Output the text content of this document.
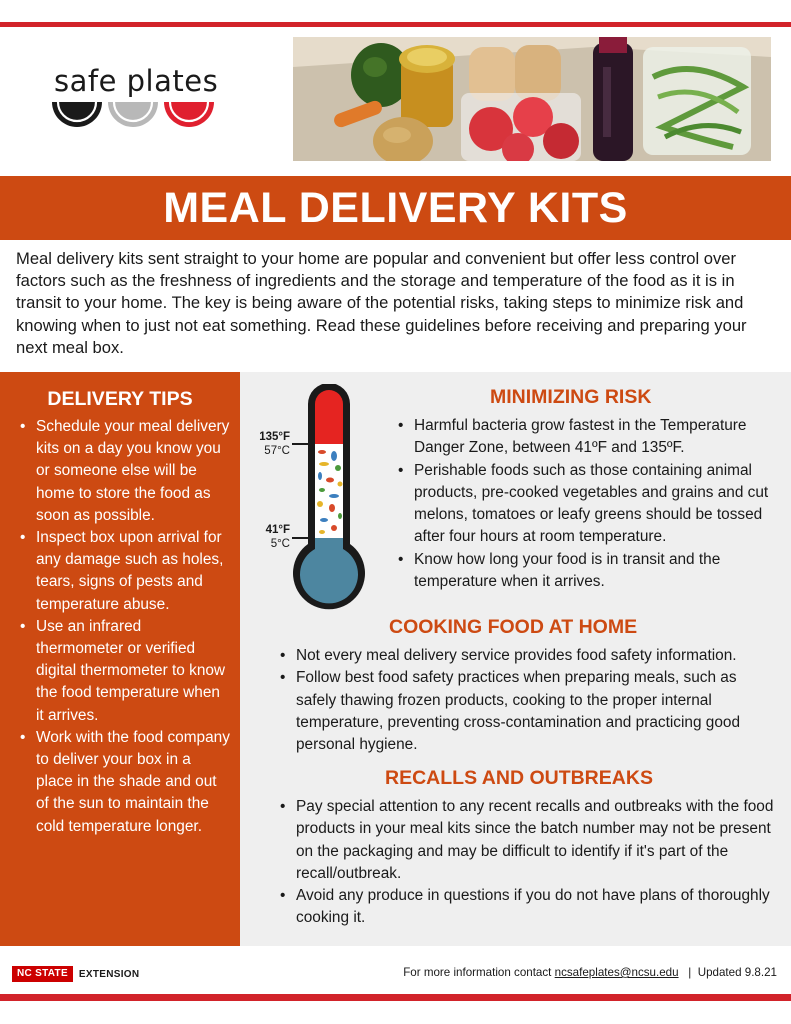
safe plates
MEAL DELIVERY KITS

Meal delivery kits sent straight to your home are popular and convenient but offer less control over factors such as the freshness of ingredients and the storage and temperature of the food as it is in transit to your home. The key is being aware of the potential risks, taking steps to minimize risk and knowing when to just not eat something. Read these guidelines before receiving and preparing your next meal box.

DELIVERY TIPS
• Schedule your meal delivery kits on a day you know you or someone else will be home to store the food as soon as possible.
• Inspect box upon arrival for any damage such as holes, tears, signs of pests and temperature abuse.
• Use an infrared thermometer or verified digital thermometer to know the food temperature when it arrives.
• Work with the food company to deliver your box in a place in the shade and out of the sun to maintain the cold temperature longer.
135°F
57°C
41°F
5°C
MINIMIZING RISK
• Harmful bacteria grow fastest in the Temperature Danger Zone, between 41ºF and 135ºF.
• Perishable foods such as those containing animal products, pre-cooked vegetables and grains and cut melons, tomatoes or leafy greens should be tossed after four hours at room temperature.
• Know how long your food is in transit and the temperature when it arrives.
COOKING FOOD AT HOME
• Not every meal delivery service provides food safety information.
• Follow best food safety practices when preparing meals, such as safely thawing frozen products, cooking to the proper internal temperature, preventing cross-contamination and practicing good personal hygiene.
RECALLS AND OUTBREAKS
• Pay special attention to any recent recalls and outbreaks with the food products in your meal kits since the batch number may not be present on the packaging and may be difficult to identify if it's part of the recall/outbreak.
• Avoid any produce in questions if you do not have plans of thoroughly cooking it.
NC STATE	EXTENSION	For more information contact ncsafeplates@ncsu.edu | Updated 9.8.21
